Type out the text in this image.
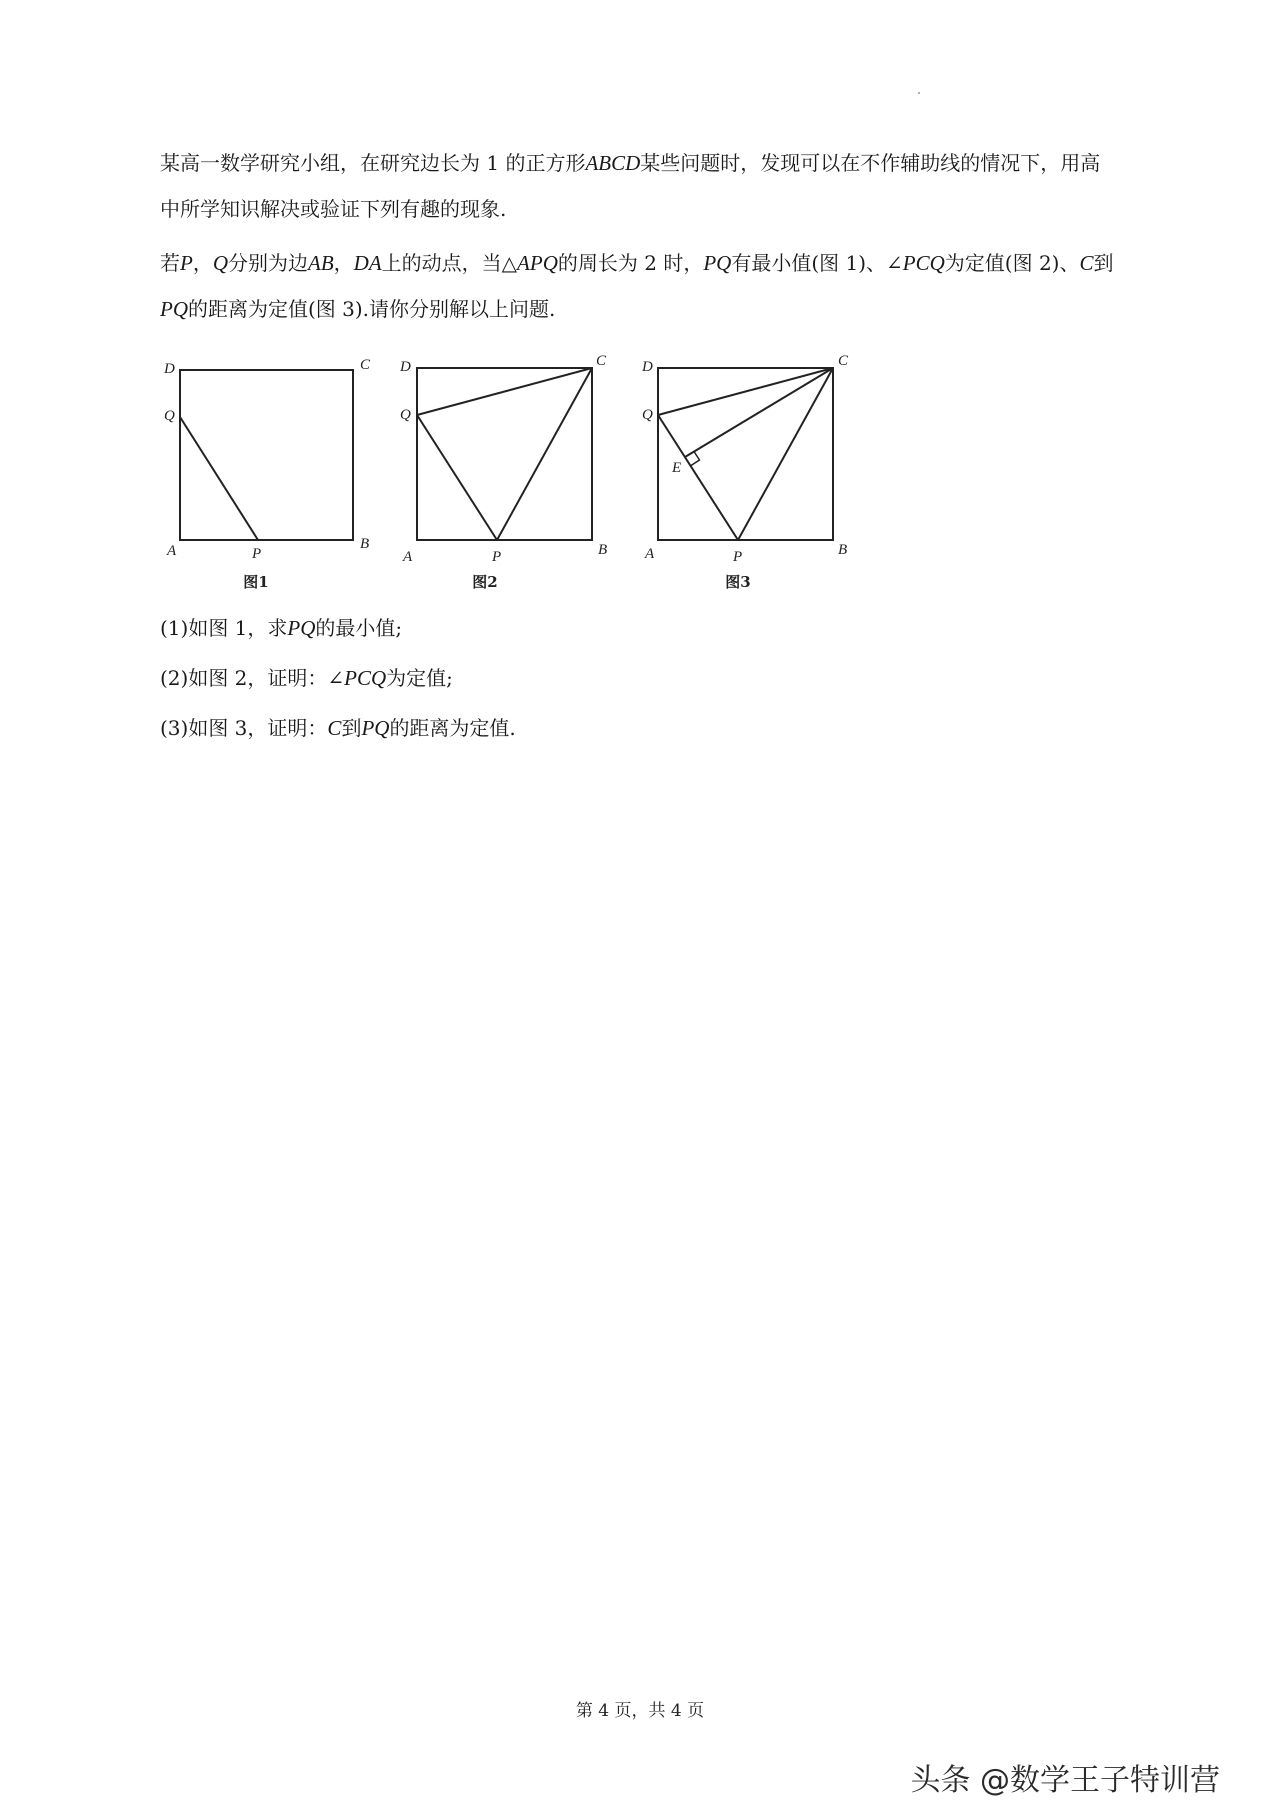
某高一数学研究小组，在研究边长为 1 的正方形ABCD某些问题时，发现可以在不作辅助线的情况下，用高中所学知识解决或验证下列有趣的现象.

若P，Q分别为边AB，DA上的动点，当△APQ的周长为 2 时，PQ有最小值(图 1)、∠PCQ为定值(图 2)、C到PQ的距离为定值(图 3).请你分别解以上问题.

D	C
Q
A	P
B
图1
D	C
Q
A	P	B
图2
D	C
Q
E
A	P	B
图3

(1)如图 1，求PQ的最小值;

(2)如图 2，证明：∠PCQ为定值;

(3)如图 3，证明：C到PQ的距离为定值.

第 4 页，共 4 页
头条 @数学王子特训营
